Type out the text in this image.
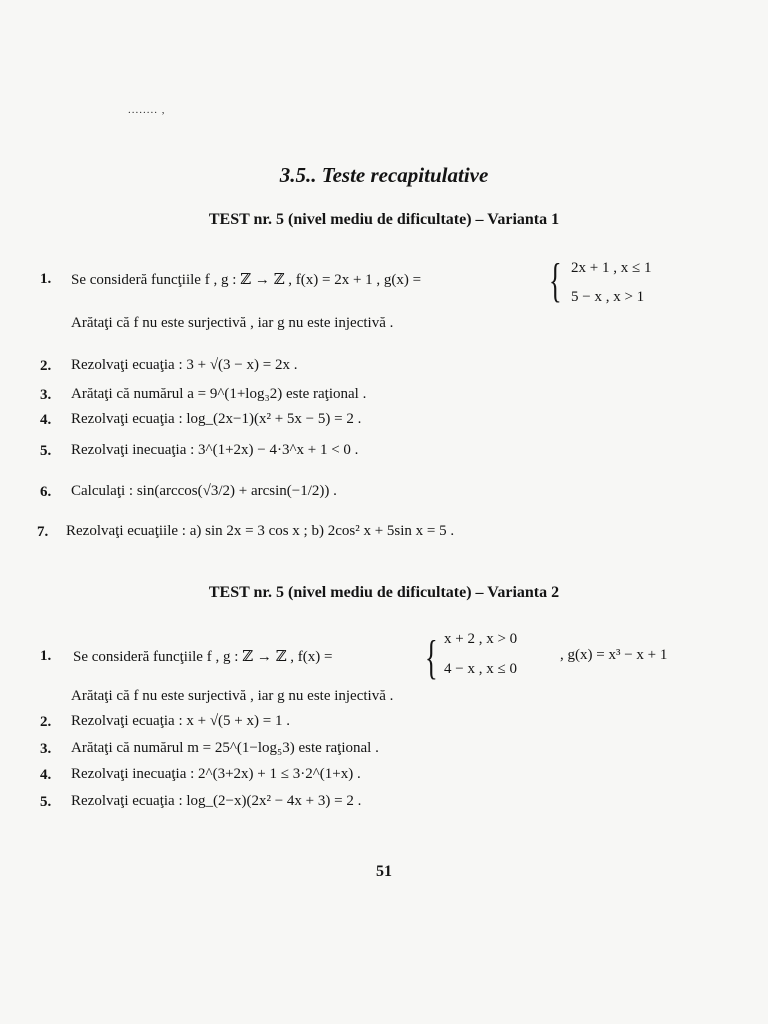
........ ,
3.5.. Teste recapitulative
TEST nr. 5 (nivel mediu de dificultate) – Varianta 1
1. Se consideră funcţiile f , g : ℤ → ℤ , f(x) = 2x + 1 , g(x) =	{ 2x + 1 , x ≤ 1
5 − x , x > 1
Arătaţi că f nu este surjectivă , iar g nu este injectivă .
2. Rezolvaţi ecuaţia : 3 + √(3 − x) = 2x .
3. Arătaţi că numărul a = 9^(1+log₃2) este raţional .
4. Rezolvaţi ecuaţia : log_(2x−1)(x² + 5x − 5) = 2 .
5. Rezolvaţi inecuaţia : 3^(1+2x) − 4·3^x + 1 < 0 .
6. Calculaţi : sin(arccos(√3/2) + arcsin(−1/2)) .
7. Rezolvaţi ecuaţiile : a) sin 2x = 3 cos x ; b) 2cos² x + 5sin x = 5 .
TEST nr. 5 (nivel mediu de dificultate) – Varianta 2
1. Se consideră funcţiile f , g : ℤ → ℤ , f(x) = { x + 2 , x > 0
4 − x , x ≤ 0
, g(x) = x³ − x + 1
Arătaţi că f nu este surjectivă , iar g nu este injectivă .
2. Rezolvaţi ecuaţia : x + √(5 + x) = 1 .
3. Arătaţi că numărul m = 25^(1−log₅3) este raţional .
4. Rezolvaţi inecuaţia : 2^(3+2x) + 1 ≤ 3·2^(1+x) .
5. Rezolvaţi ecuaţia : log_(2−x)(2x² − 4x + 3) = 2 .
51
